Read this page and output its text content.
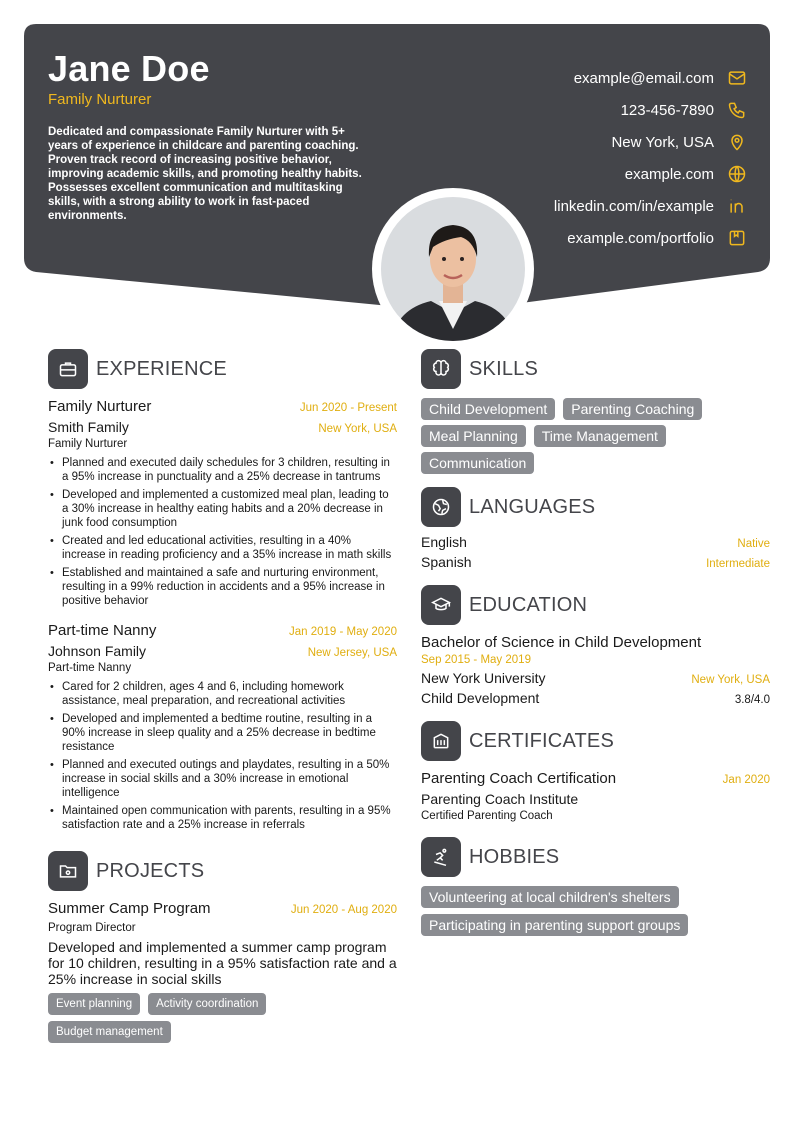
Jane Doe
Family Nurturer
Dedicated and compassionate Family Nurturer with 5+ years of experience in childcare and parenting coaching. Proven track record of increasing positive behavior, improving academic skills, and promoting healthy habits. Possesses excellent communication and multitasking skills, with a strong ability to work in fast-paced environments.
example@email.com
123-456-7890
New York, USA
example.com
linkedin.com/in/example
example.com/portfolio
EXPERIENCE
Family Nurturer	Jun 2020 - Present
Smith Family	New York, USA
Family Nurturer
• Planned and executed daily schedules for 3 children, resulting in a 95% increase in punctuality and a 25% decrease in tantrums
• Developed and implemented a customized meal plan, leading to a 30% increase in healthy eating habits and a 20% decrease in junk food consumption
• Created and led educational activities, resulting in a 40% increase in reading proficiency and a 35% increase in math skills
• Established and maintained a safe and nurturing environment, resulting in a 99% reduction in accidents and a 95% increase in positive behavior
Part-time Nanny	Jan 2019 - May 2020
Johnson Family	New Jersey, USA
Part-time Nanny
• Cared for 2 children, ages 4 and 6, including homework assistance, meal preparation, and recreational activities
• Developed and implemented a bedtime routine, resulting in a 90% increase in sleep quality and a 25% decrease in bedtime resistance
• Planned and executed outings and playdates, resulting in a 50% increase in social skills and a 30% increase in emotional intelligence
• Maintained open communication with parents, resulting in a 95% satisfaction rate and a 25% increase in referrals
PROJECTS
Summer Camp Program	Jun 2020 - Aug 2020
Program Director
Developed and implemented a summer camp program for 10 children, resulting in a 95% satisfaction rate and a 25% increase in social skills
Event planning	Activity coordination
Budget management
SKILLS
Child Development	Parenting Coaching
Meal Planning	Time Management
Communication
LANGUAGES
English	Native
Spanish	Intermediate
EDUCATION
Bachelor of Science in Child Development
Sep 2015 - May 2019
New York University	New York, USA
Child Development	3.8/4.0
CERTIFICATES
Parenting Coach Certification	Jan 2020
Parenting Coach Institute
Certified Parenting Coach
HOBBIES
Volunteering at local children's shelters
Participating in parenting support groups
